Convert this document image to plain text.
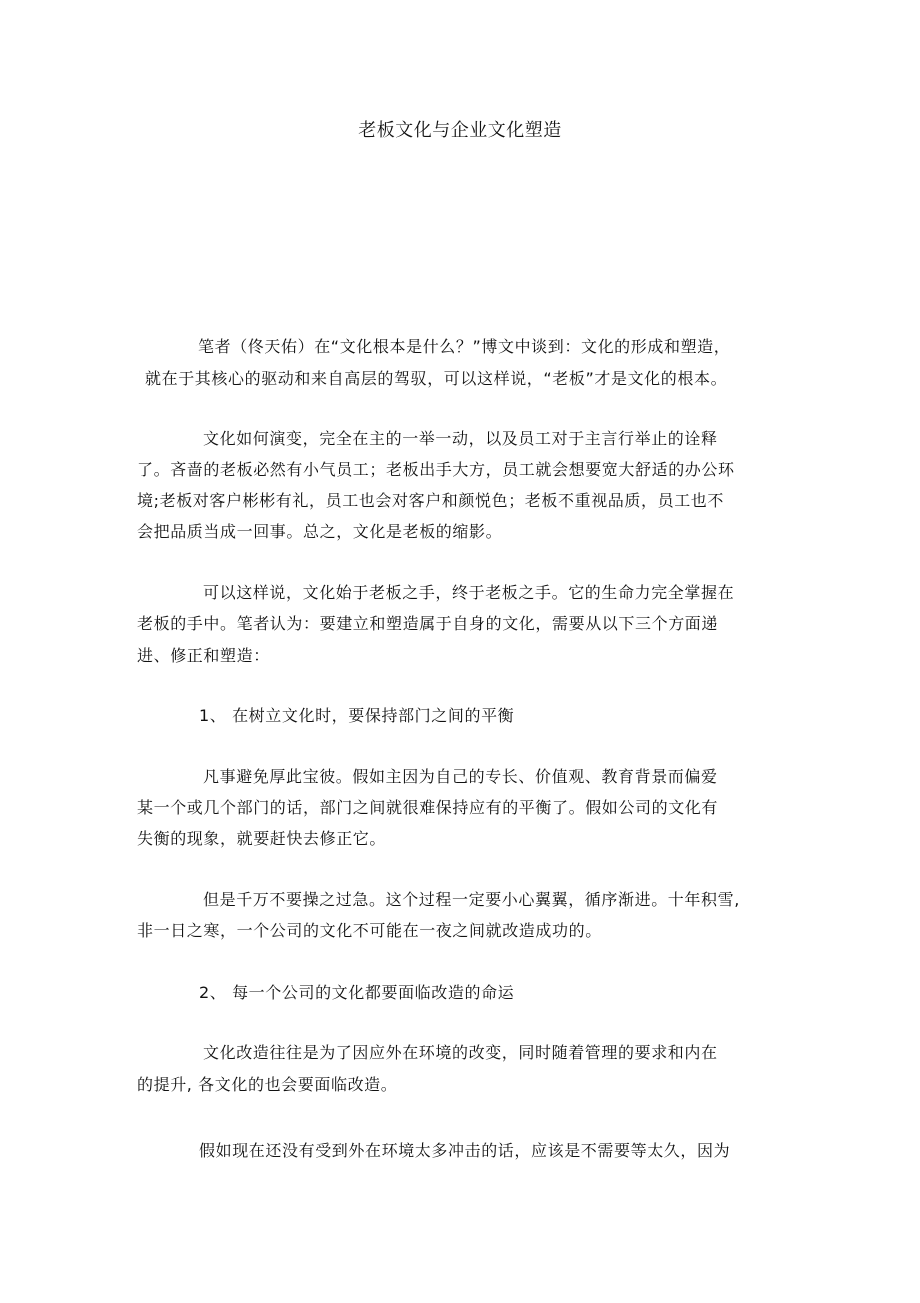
老板文化与企业文化塑造
笔者（佟天佑）在“文化根本是什么？”博文中谈到：文化的形成和塑造，
就在于其核心的驱动和来自高层的驾驭，可以这样说，“老板”才是文化的根本。
文化如何演变，完全在主的一举一动，以及员工对于主言行举止的诠释
了。吝啬的老板必然有小气员工；老板出手大方，员工就会想要宽大舒适的办公环
境;老板对客户彬彬有礼，员工也会对客户和颜悦色；老板不重视品质，员工也不
会把品质当成一回事。总之，文化是老板的缩影。
可以这样说，文化始于老板之手，终于老板之手。它的生命力完全掌握在
老板的手中。笔者认为：要建立和塑造属于自身的文化，需要从以下三个方面递
进、修正和塑造：
1、 在树立文化时，要保持部门之间的平衡
凡事避免厚此宝彼。假如主因为自己的专长、价值观、教育背景而偏爱
某一个或几个部门的话，部门之间就很难保持应有的平衡了。假如公司的文化有
失衡的现象，就要赶快去修正它。
但是千万不要操之过急。这个过程一定要小心翼翼，循序渐进。十年积雪,
非一日之寒，一个公司的文化不可能在一夜之间就改造成功的。
2、 每一个公司的文化都要面临改造的命运
文化改造往往是为了因应外在环境的改变，同时随着管理的要求和内在
的提升, 各文化的也会要面临改造。
假如现在还没有受到外在环境太多冲击的话，应该是不需要等太久，因为
